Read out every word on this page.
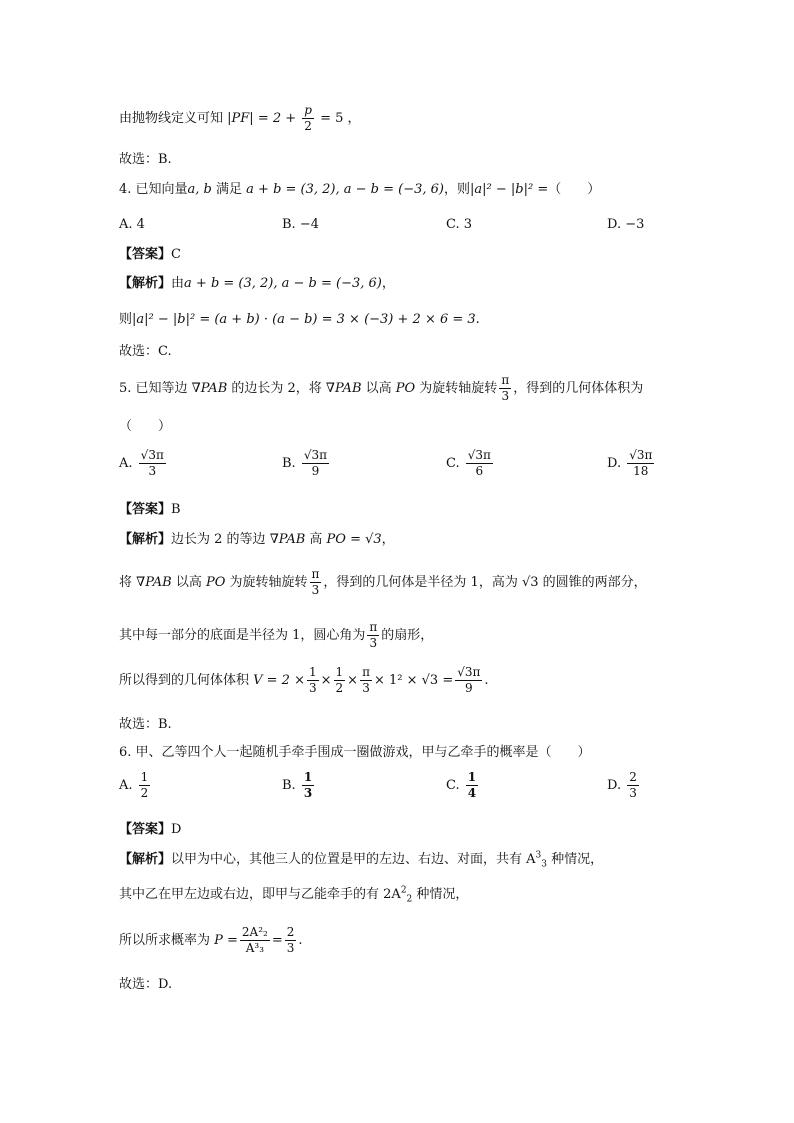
由抛物线定义可知 $|PF| = 2 + \frac{p}{2} = 5$ ，
故选：B.
4. 已知向量a, b 满足 a + b = (3, 2), a − b = (−3, 6)，则|a|² − |b|² =（　　）
A. 4	B. −4	C. 3	D. −3
【答案】C
【解析】由a + b = (3, 2), a − b = (−3, 6)，
则|a|² − |b|² = (a + b) · (a − b) = 3 × (−3) + 2 × 6 = 3.
故选：C.
5. 已知等边 ∇PAB 的边长为 2，将 ∇PAB 以高 PO 为旋转轴旋转 $\frac{\pi}{3}$ ，得到的几何体体积为
（　　）
A. $\frac{√3\pi}{3}$	B. $\frac{√3\pi}{9}$	C. $\frac{√3\pi}{6}$	D. $\frac{√3\pi}{18}$
【答案】B
【解析】边长为 2 的等边 ∇PAB 高 PO = √3，
将 ∇PAB 以高 PO 为旋转轴旋转 $\frac{\pi}{3}$ ，得到的几何体是半径为 1，高为 √3 的圆锥的两部分，
其中每一部分的底面是半径为 1，圆心角为 $\frac{\pi}{3}$ 的扇形，
所以得到的几何体体积 $V = 2 \times \frac{1}{3} \times \frac{1}{2} \times \frac{\pi}{3} \times 1^2 \times √3 = \frac{√3\pi}{9}$ .
故选：B.
6. 甲、乙等四个人一起随机手牵手围成一圈做游戏，甲与乙牵手的概率是（　　）
A. $\frac{1}{2}$	B. $\frac{1}{3}$	C. $\frac{1}{4}$	D. $\frac{2}{3}$
【答案】D
【解析】以甲为中心，其他三人的位置是甲的左边、右边、对面，共有 $A^3_3$ 种情况，
其中乙在甲左边或右边，即甲与乙能牵手的有 $2A^2_2$ 种情况，
所以所求概率为 $P = \frac{\text{2A²₂}}{\text{A³₃}} = \frac{2}{3}$ .
故选：D.
